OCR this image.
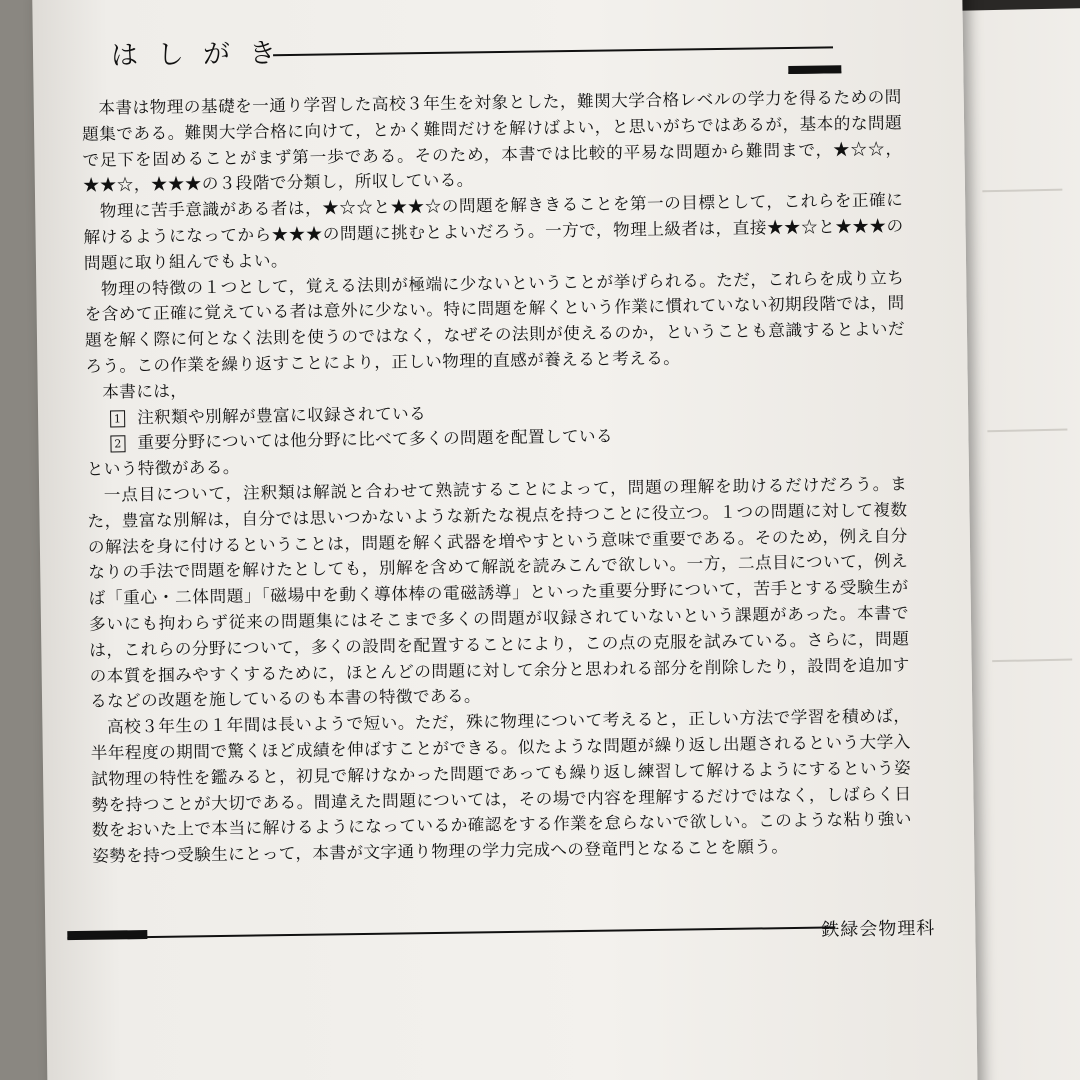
はしがき

本書は物理の基礎を一通り学習した高校３年生を対象とした，難関大学合格レベルの学力を得るための問題集である。難関大学合格に向けて，とかく難問だけを解けばよい，と思いがちではあるが，基本的な問題で足下を固めることがまず第一歩である。そのため，本書では比較的平易な問題から難問まで，★☆☆，★★☆，★★★の３段階で分類し，所収している。

物理に苦手意識がある者は，★☆☆と★★☆の問題を解ききることを第一の目標として，これらを正確に解けるようになってから★★★の問題に挑むとよいだろう。一方で，物理上級者は，直接★★☆と★★★の問題に取り組んでもよい。

物理の特徴の１つとして，覚える法則が極端に少ないということが挙げられる。ただ，これらを成り立ちを含めて正確に覚えている者は意外に少ない。特に問題を解くという作業に慣れていない初期段階では，問題を解く際に何となく法則を使うのではなく，なぜその法則が使えるのか，ということも意識するとよいだろう。この作業を繰り返すことにより，正しい物理的直感が養えると考える。

本書には，

1 注釈類や別解が豊富に収録されている
2 重要分野については他分野に比べて多くの問題を配置している

という特徴がある。

一点目について，注釈類は解説と合わせて熟読することによって，問題の理解を助けるだけだろう。また，豊富な別解は，自分では思いつかないような新たな視点を持つことに役立つ。１つの問題に対して複数の解法を身に付けるということは，問題を解く武器を増やすという意味で重要である。そのため，例え自分なりの手法で問題を解けたとしても，別解を含めて解説を読みこんで欲しい。一方，二点目について，例えば「重心・二体問題」「磁場中を動く導体棒の電磁誘導」といった重要分野について，苦手とする受験生が多いにも拘わらず従来の問題集にはそこまで多くの問題が収録されていないという課題があった。本書では，これらの分野について，多くの設問を配置することにより，この点の克服を試みている。さらに，問題の本質を掴みやすくするために，ほとんどの問題に対して余分と思われる部分を削除したり，設問を追加するなどの改題を施しているのも本書の特徴である。

高校３年生の１年間は長いようで短い。ただ，殊に物理について考えると，正しい方法で学習を積めば，半年程度の期間で驚くほど成績を伸ばすことができる。似たような問題が繰り返し出題されるという大学入試物理の特性を鑑みると，初見で解けなかった問題であっても繰り返し練習して解けるようにするという姿勢を持つことが大切である。間違えた問題については，その場で内容を理解するだけではなく，しばらく日数をおいた上で本当に解けるようになっているか確認をする作業を怠らないで欲しい。このような粘り強い姿勢を持つ受験生にとって，本書が文字通り物理の学力完成への登竜門となることを願う。

鉄緑会物理科
